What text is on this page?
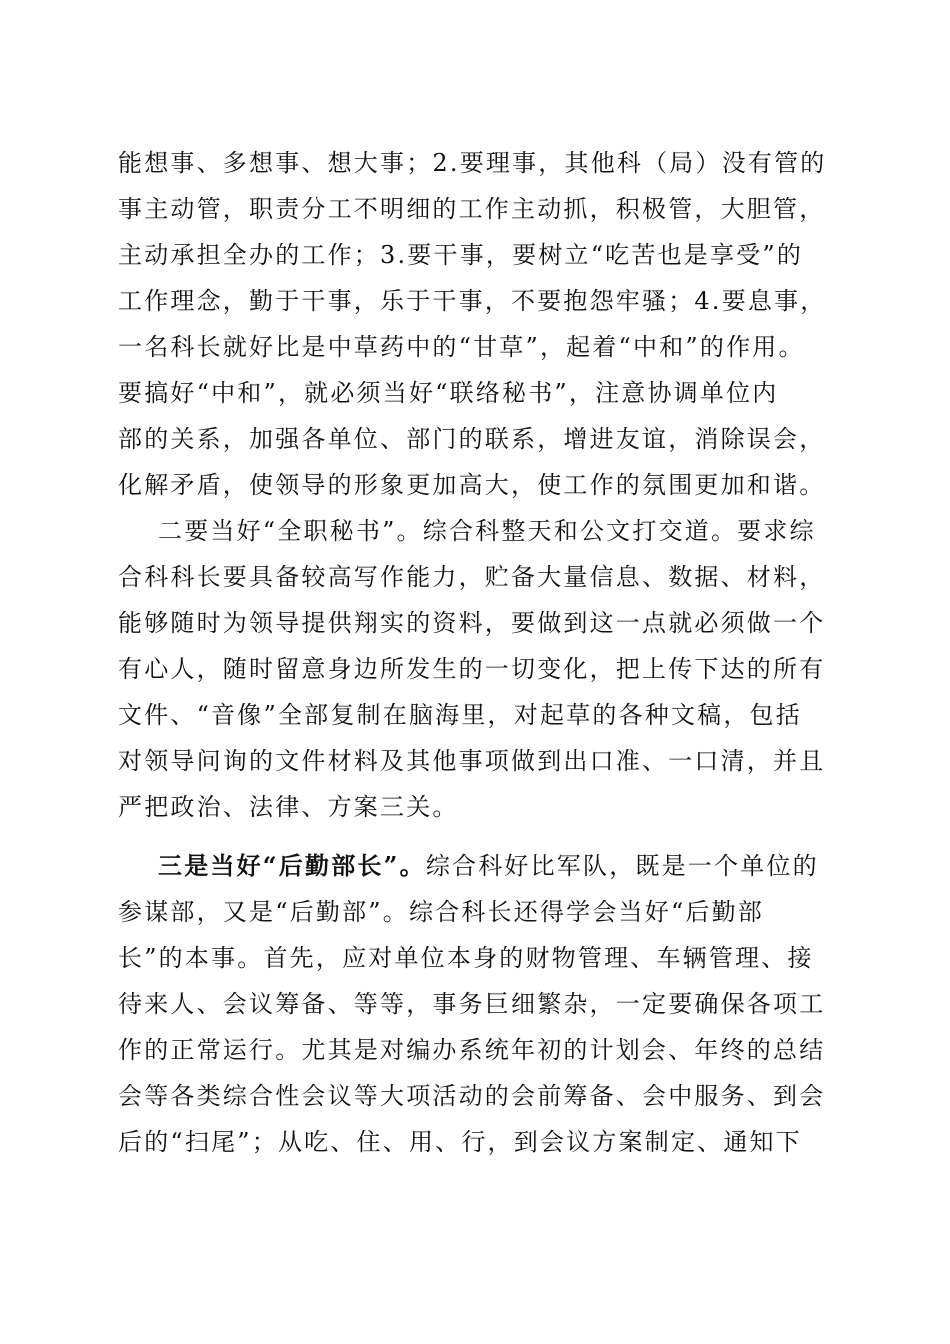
能想事、多想事、想大事；2.要理事，其他科（局）没有管的
事主动管，职责分工不明细的工作主动抓，积极管，大胆管，
主动承担全办的工作；3.要干事，要树立“吃苦也是享受”的
工作理念，勤于干事，乐于干事，不要抱怨牢骚；4.要息事，
一名科长就好比是中草药中的“甘草”，起着“中和”的作用。
要搞好“中和”，就必须当好“联络秘书”，注意协调单位内
部的关系，加强各单位、部门的联系，增进友谊，消除误会，
化解矛盾，使领导的形象更加高大，使工作的氛围更加和谐。
二要当好“全职秘书”。综合科整天和公文打交道。要求综
合科科长要具备较高写作能力，贮备大量信息、数据、材料，
能够随时为领导提供翔实的资料，要做到这一点就必须做一个
有心人，随时留意身边所发生的一切变化，把上传下达的所有
文件、“音像”全部复制在脑海里，对起草的各种文稿，包括
对领导问询的文件材料及其他事项做到出口准、一口清，并且
严把政治、法律、方案三关。
三是当好“后勤部长”。综合科好比军队，既是一个单位的
参谋部，又是“后勤部”。综合科长还得学会当好“后勤部
长”的本事。首先，应对单位本身的财物管理、车辆管理、接
待来人、会议筹备、等等，事务巨细繁杂，一定要确保各项工
作的正常运行。尤其是对编办系统年初的计划会、年终的总结
会等各类综合性会议等大项活动的会前筹备、会中服务、到会
后的“扫尾”；从吃、住、用、行，到会议方案制定、通知下
